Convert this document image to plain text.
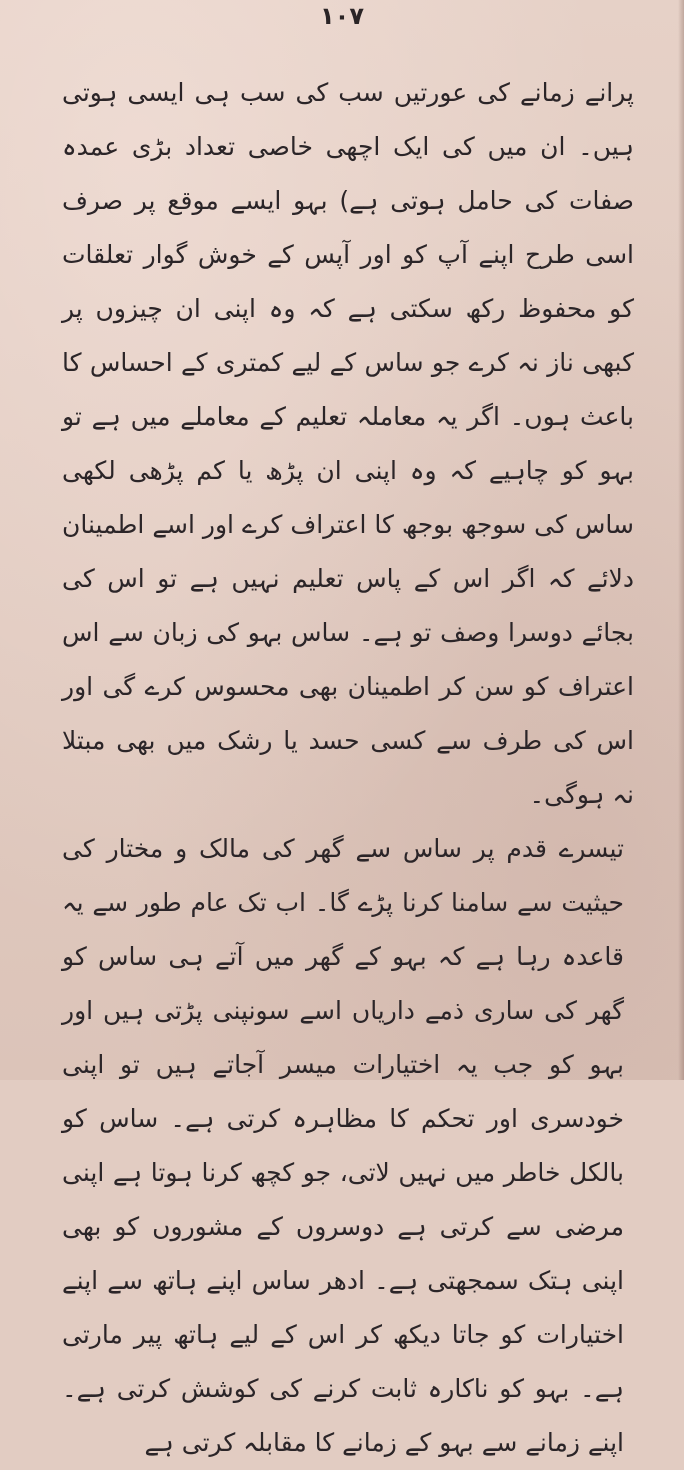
۱۰۷

پرانے زمانے کی عورتیں سب کی سب ہی ایسی ہوتی ہیں۔ ان میں کی ایک اچھی خاصی تعداد بڑی عمدہ صفات کی حامل ہوتی ہے) بہو ایسے موقع پر صرف اسی طرح اپنے آپ کو اور آپس کے خوش گوار تعلقات کو محفوظ رکھ سکتی ہے کہ وہ اپنی ان چیزوں پر کبھی ناز نہ کرے جو ساس کے لیے کمتری کے احساس کا باعث ہوں۔ اگر یہ معاملہ تعلیم کے معاملے میں ہے تو بہو کو چاہیے کہ وہ اپنی ان پڑھ یا کم پڑھی لکھی ساس کی سوجھ بوجھ کا اعتراف کرے اور اسے اطمینان دلائے کہ اگر اس کے پاس تعلیم نہیں ہے تو اس کی بجائے دوسرا وصف تو ہے۔ ساس بہو کی زبان سے اس اعتراف کو سن کر اطمینان بھی محسوس کرے گی اور اس کی طرف سے کسی حسد یا رشک میں بھی مبتلا نہ ہوگی۔

تیسرے قدم پر ساس سے گھر کی مالک و مختار کی حیثیت سے سامنا کرنا پڑے گا۔ اب تک عام طور سے یہ قاعدہ رہا ہے کہ بہو کے گھر میں آتے ہی ساس کو گھر کی ساری ذمے داریاں اسے سونپنی پڑتی ہیں اور بہو کو جب یہ اختیارات میسر آجاتے ہیں تو اپنی خودسری اور تحکم کا مظاہرہ کرتی ہے۔ ساس کو بالکل خاطر میں نہیں لاتی، جو کچھ کرنا ہوتا ہے اپنی مرضی سے کرتی ہے دوسروں کے مشوروں کو بھی اپنی ہتک سمجھتی ہے۔ ادھر ساس اپنے ہاتھ سے اپنے اختیارات کو جاتا دیکھ کر اس کے لیے ہاتھ پیر مارتی ہے۔ بہو کو ناکارہ ثابت کرنے کی کوشش کرتی ہے۔ اپنے زمانے سے بہو کے زمانے کا مقابلہ کرتی ہے
